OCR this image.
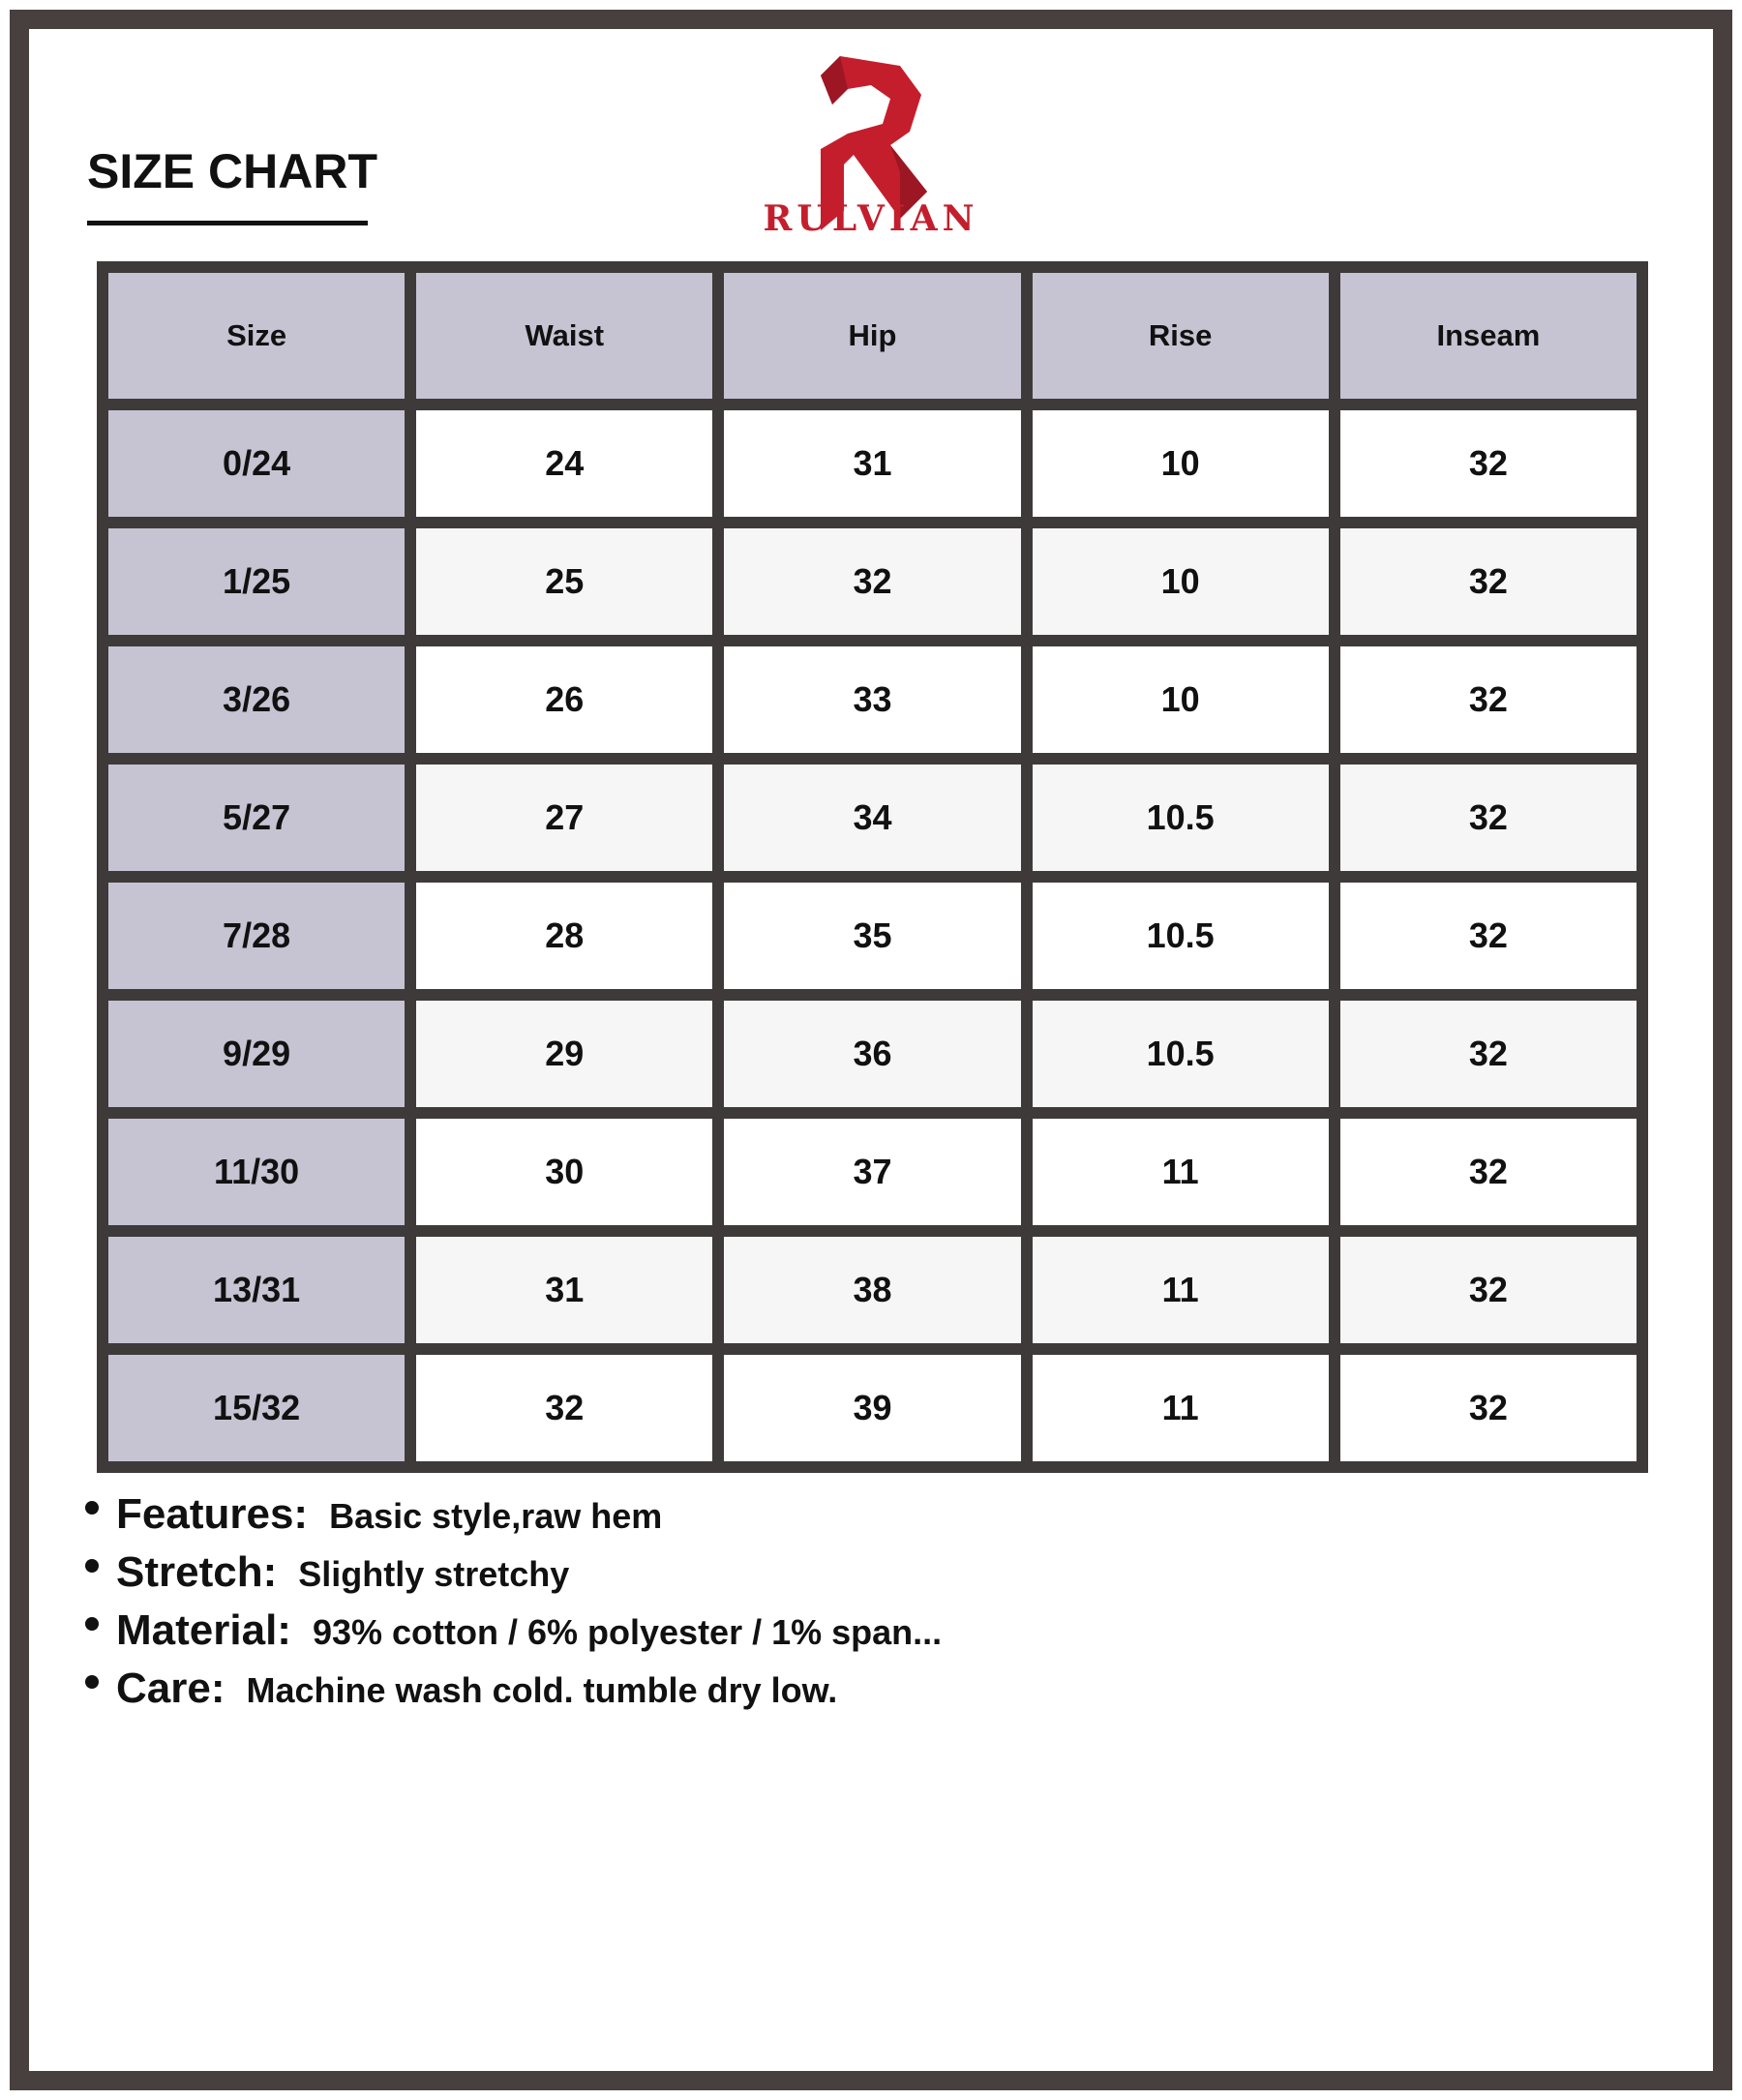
SIZE CHART
RULVIAN
Size	Waist	Hip	Rise	Inseam
0/24	24	31	10	32
1/25	25	32	10	32
3/26	26	33	10	32
5/27	27	34	10.5	32
7/28	28	35	10.5	32
9/29	29	36	10.5	32
11/30	30	37	11	32
13/31	31	38	11	32
15/32	32	39	11	32
Features: Basic style,raw hem
Stretch: Slightly stretchy
Material: 93% cotton / 6% polyester / 1% span...
Care: Machine wash cold. tumble dry low.
